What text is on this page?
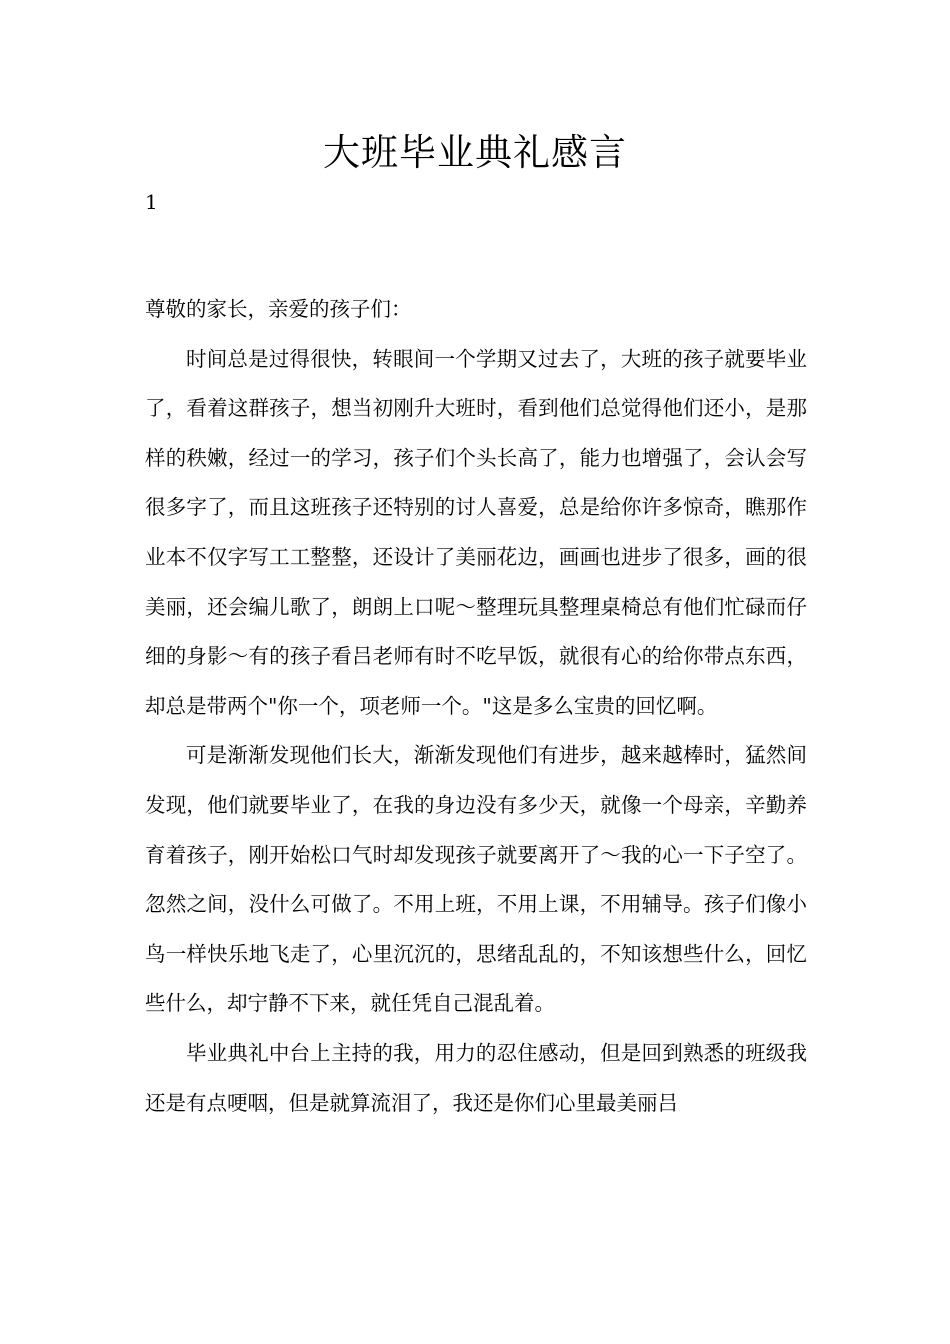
大班毕业典礼感言
1

尊敬的家长，亲爱的孩子们：

时间总是过得很快，转眼间一个学期又过去了，大班的孩子就要毕业了，看着这群孩子，想当初刚升大班时，看到他们总觉得他们还小，是那样的秩嫩，经过一的学习，孩子们个头长高了，能力也增强了，会认会写很多字了，而且这班孩子还特别的讨人喜爱，总是给你许多惊奇，瞧那作业本不仅字写工工整整，还设计了美丽花边，画画也进步了很多，画的很美丽，还会编儿歌了，朗朗上口呢～整理玩具整理桌椅总有他们忙碌而仔细的身影～有的孩子看吕老师有时不吃早饭，就很有心的给你带点东西，却总是带两个"你一个，项老师一个。"这是多么宝贵的回忆啊。

可是渐渐发现他们长大，渐渐发现他们有进步，越来越棒时，猛然间发现，他们就要毕业了，在我的身边没有多少天，就像一个母亲，辛勤养育着孩子，刚开始松口气时却发现孩子就要离开了～我的心一下子空了。忽然之间，没什么可做了。不用上班，不用上课，不用辅导。孩子们像小鸟一样快乐地飞走了，心里沉沉的，思绪乱乱的，不知该想些什么，回忆些什么，却宁静不下来，就任凭自己混乱着。

毕业典礼中台上主持的我，用力的忍住感动，但是回到熟悉的班级我还是有点哽咽，但是就算流泪了，我还是你们心里最美丽吕
